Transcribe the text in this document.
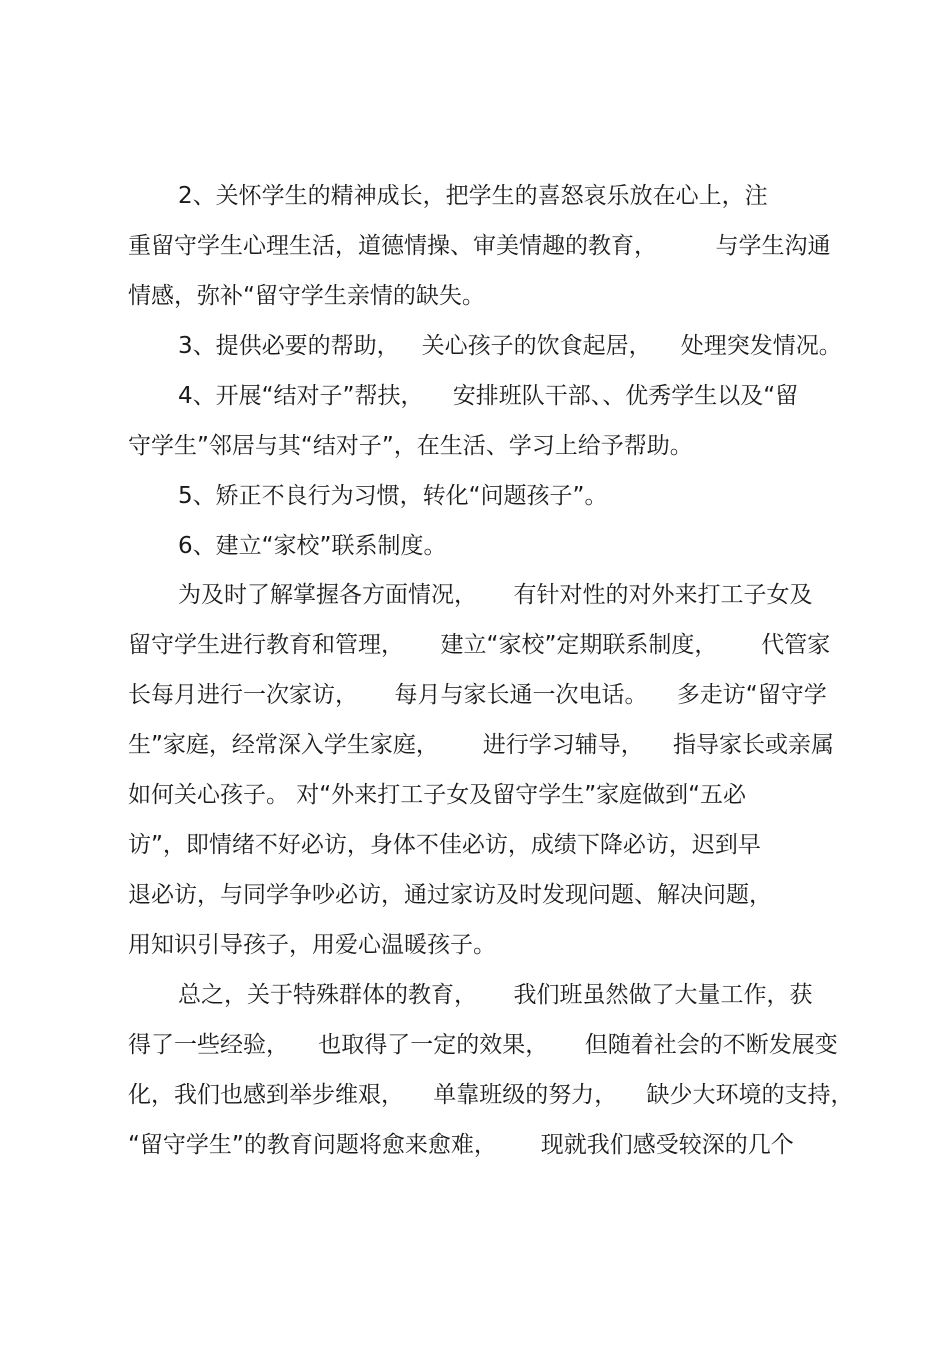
2、关怀学生的精神成长，把学生的喜怒哀乐放在心上，注

重留守学生心理生活，道德情操、审美情趣的教育，        与学生沟通

情感，弥补“留守学生亲情的缺失。

3、提供必要的帮助，   关心孩子的饮食起居，    处理突发情况。

4、开展“结对子”帮扶，    安排班队干部、、优秀学生以及“留

守学生”邻居与其“结对子”，在生活、学习上给予帮助。

5、矫正不良行为习惯，转化“问题孩子”。

6、建立“家校”联系制度。

为及时了解掌握各方面情况，     有针对性的对外来打工子女及

留守学生进行教育和管理，     建立“家校”定期联系制度，      代管家

长每月进行一次家访，     每月与家长通一次电话。    多走访“留守学

生”家庭，经常深入学生家庭，      进行学习辅导，    指导家长或亲属

如何关心孩子。 对“外来打工子女及留守学生”家庭做到“五必

访”，即情绪不好必访，身体不佳必访，成绩下降必访，迟到早

退必访，与同学争吵必访，通过家访及时发现问题、解决问题，

用知识引导孩子，用爱心温暖孩子。

总之，关于特殊群体的教育，     我们班虽然做了大量工作，获

得了一些经验，    也取得了一定的效果，     但随着社会的不断发展变

化，我们也感到举步维艰，    单靠班级的努力，    缺少大环境的支持，

“留守学生”的教育问题将愈来愈难，      现就我们感受较深的几个
